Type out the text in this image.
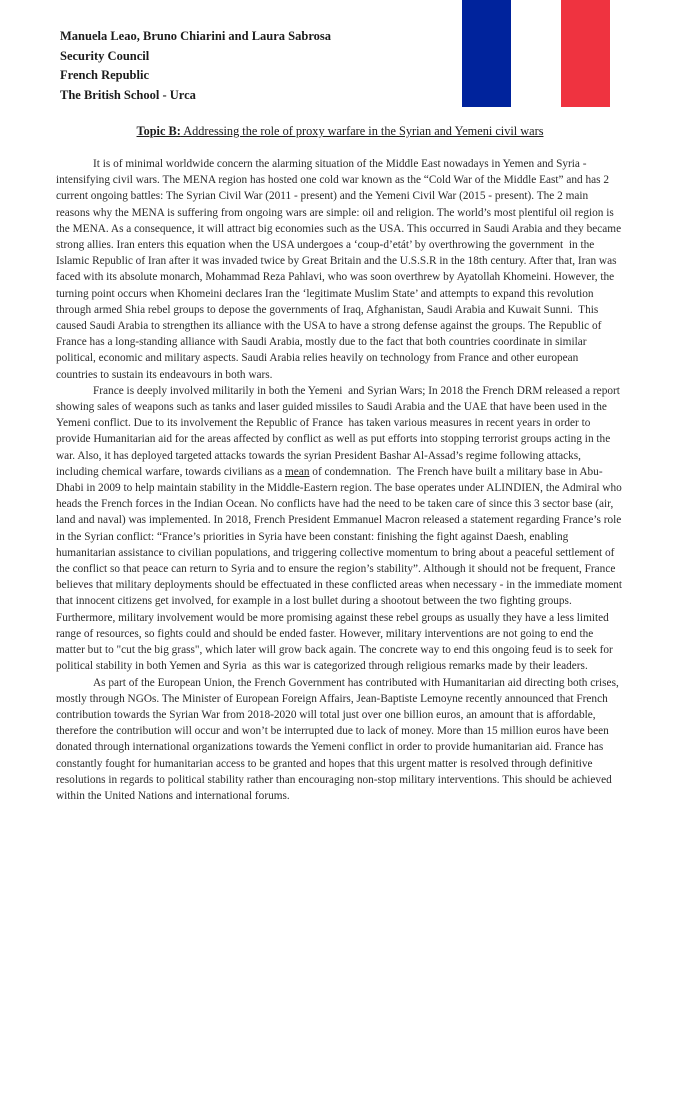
Manuela Leao, Bruno Chiarini and Laura Sabrosa
Security Council
French Republic
The British School - Urca
Topic B: Addressing the role of proxy warfare in the Syrian and Yemeni civil wars

It is of minimal worldwide concern the alarming situation of the Middle East nowadays in Yemen and Syria - intensifying civil wars. The MENA region has hosted one cold war known as the “Cold War of the Middle East” and has 2 current ongoing battles: The Syrian Civil War (2011 - present) and the Yemeni Civil War (2015 - present). The 2 main reasons why the MENA is suffering from ongoing wars are simple: oil and religion. The world’s most plentiful oil region is the MENA. As a consequence, it will attract big economies such as the USA. This occurred in Saudi Arabia and they became strong allies. Iran enters this equation when the USA undergoes a ‘coup-d’etát’ by overthrowing the government  in the Islamic Republic of Iran after it was invaded twice by Great Britain and the U.S.S.R in the 18th century. After that, Iran was faced with its absolute monarch, Mohammad Reza Pahlavi, who was soon overthrew by Ayatollah Khomeini. However, the turning point occurs when Khomeini declares Iran the ‘legitimate Muslim State’ and attempts to expand this revolution through armed Shia rebel groups to depose the governments of Iraq, Afghanistan, Saudi Arabia and Kuwait Sunni.  This caused Saudi Arabia to strengthen its alliance with the USA to have a strong defense against the groups. The Republic of France has a long-standing alliance with Saudi Arabia, mostly due to the fact that both countries coordinate in similar political, economic and military aspects. Saudi Arabia relies heavily on technology from France and other european countries to sustain its endeavours in both wars.

France is deeply involved militarily in both the Yemeni  and Syrian Wars; In 2018 the French DRM released a report showing sales of weapons such as tanks and laser guided missiles to Saudi Arabia and the UAE that have been used in the Yemeni conflict. Due to its involvement the Republic of France  has taken various measures in recent years in order to provide Humanitarian aid for the areas affected by conflict as well as put efforts into stopping terrorist groups acting in the war. Also, it has deployed targeted attacks towards the syrian President Bashar Al-Assad’s regime following attacks, including chemical warfare, towards civilians as a mean of condemnation.  The French have built a military base in Abu-Dhabi in 2009 to help maintain stability in the Middle-Eastern region. The base operates under ALINDIEN, the Admiral who heads the French forces in the Indian Ocean. No conflicts have had the need to be taken care of since this 3 sector base (air, land and naval) was implemented. In 2018, French President Emmanuel Macron released a statement regarding France’s role in the Syrian conflict: “France’s priorities in Syria have been constant: finishing the fight against Daesh, enabling humanitarian assistance to civilian populations, and triggering collective momentum to bring about a peaceful settlement of the conflict so that peace can return to Syria and to ensure the region’s stability”. Although it should not be frequent, France believes that military deployments should be effectuated in these conflicted areas when necessary - in the immediate moment that innocent citizens get involved, for example in a lost bullet during a shootout between the two fighting groups. Furthermore, military involvement would be more promising against these rebel groups as usually they have a less limited range of resources, so fights could and should be ended faster. However, military interventions are not going to end the matter but to "cut the big grass", which later will grow back again. The concrete way to end this ongoing feud is to seek for political stability in both Yemen and Syria  as this war is categorized through religious remarks made by their leaders.

As part of the European Union, the French Government has contributed with Humanitarian aid directing both crises, mostly through NGOs. The Minister of European Foreign Affairs, Jean-Baptiste Lemoyne recently announced that French contribution towards the Syrian War from 2018-2020 will total just over one billion euros, an amount that is affordable, therefore the contribution will occur and won’t be interrupted due to lack of money. More than 15 million euros have been donated through international organizations towards the Yemeni conflict in order to provide humanitarian aid. France has constantly fought for humanitarian access to be granted and hopes that this urgent matter is resolved through definitive resolutions in regards to political stability rather than encouraging non-stop military interventions. This should be achieved within the United Nations and international forums.
